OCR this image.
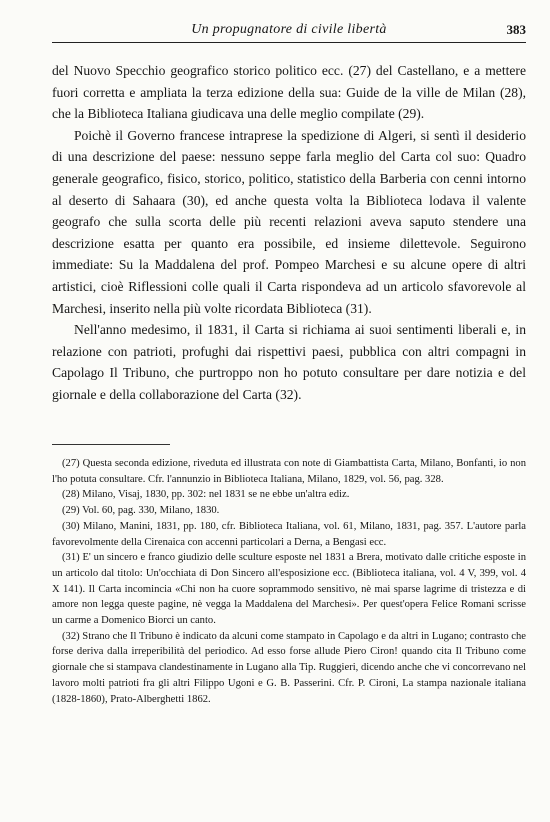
Un propugnatore di civile libertà	383

del Nuovo Specchio geografico storico politico ecc. (27) del Castellano, e a mettere fuori corretta e ampliata la terza edizione della sua: Guide de la ville de Milan (28), che la Biblioteca Italiana giudicava una delle meglio compilate (29).

Poichè il Governo francese intraprese la spedizione di Algeri, si sentì il desiderio di una descrizione del paese: nessuno seppe farla meglio del Carta col suo: Quadro generale geografico, fisico, storico, politico, statistico della Barberia con cenni intorno al deserto di Sahaara (30), ed anche questa volta la Biblioteca lodava il valente geografo che sulla scorta delle più recenti relazioni aveva saputo stendere una descrizione esatta per quanto era possibile, ed insieme dilettevole. Seguirono immediate: Su la Maddalena del prof. Pompeo Marchesi e su alcune opere di altri artistici, cioè Riflessioni colle quali il Carta rispondeva ad un articolo sfavorevole al Marchesi, inserito nella più volte ricordata Biblioteca (31).

Nell'anno medesimo, il 1831, il Carta si richiama ai suoi sentimenti liberali e, in relazione con patrioti, profughi dai rispettivi paesi, pubblica con altri compagni in Capolago Il Tribuno, che purtroppo non ho potuto consultare per dare notizia e del giornale e della collaborazione del Carta (32).

(27) Questa seconda edizione, riveduta ed illustrata con note di Giambattista Carta, Milano, Bonfanti, io non l'ho potuta consultare. Cfr. l'annunzio in Biblioteca Italiana, Milano, 1829, vol. 56, pag. 328.

(28) Milano, Visaj, 1830, pp. 302: nel 1831 se ne ebbe un'altra ediz.

(29) Vol. 60, pag. 330, Milano, 1830.

(30) Milano, Manini, 1831, pp. 180, cfr. Biblioteca Italiana, vol. 61, Milano, 1831, pag. 357. L'autore parla favorevolmente della Cirenaica con accenni particolari a Derna, a Bengasi ecc.

(31) E' un sincero e franco giudizio delle sculture esposte nel 1831 a Brera, motivato dalle critiche esposte in un articolo dal titolo: Un'occhiata di Don Sincero all'esposizione ecc. (Biblioteca italiana, vol. 4 V, 399, vol. 4 X 141). Il Carta incomincia «Chi non ha cuore soprammodo sensitivo, nè mai sparse lagrime di tristezza e di amore non legga queste pagine, nè vegga la Maddalena del Marchesi». Per quest'opera Felice Romani scrisse un carme a Domenico Biorci un canto.

(32) Strano che Il Tribuno è indicato da alcuni come stampato in Capolago e da altri in Lugano; contrasto che forse deriva dalla irreperibilità del periodico. Ad esso forse allude Piero Ciron! quando cita Il Tribuno come giornale che si stampava clandestinamente in Lugano alla Tip. Ruggieri, dicendo anche che vi concorrevano nel lavoro molti patrioti fra gli altri Filippo Ugoni e G. B. Passerini. Cfr. P. Cironi, La stampa nazionale italiana (1828-1860), Prato-Alberghetti 1862.
